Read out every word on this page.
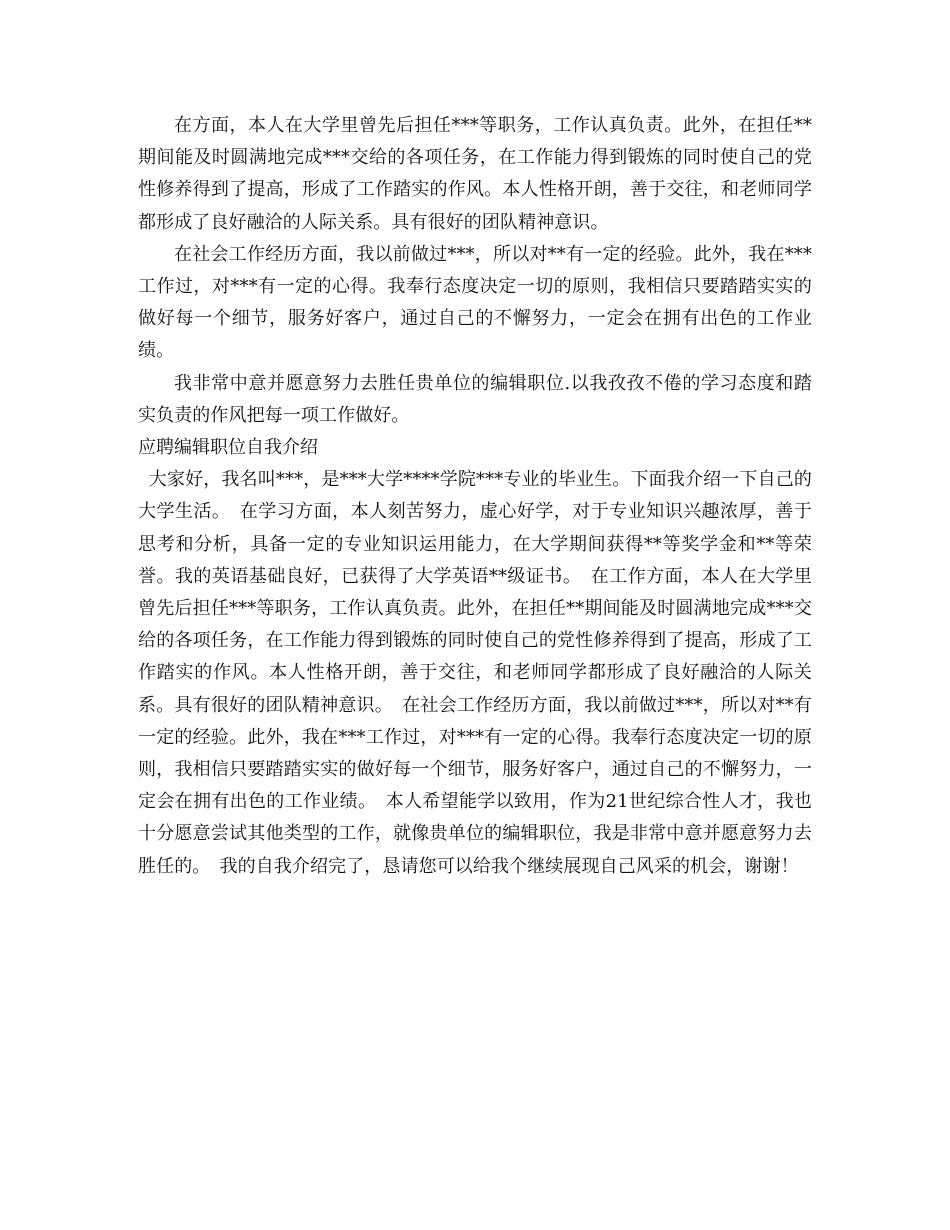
在方面，本人在大学里曾先后担任***等职务，工作认真负责。此外，在担任**期间能及时圆满地完成***交给的各项任务，在工作能力得到锻炼的同时使自己的党性修养得到了提高，形成了工作踏实的作风。本人性格开朗，善于交往，和老师同学都形成了良好融洽的人际关系。具有很好的团队精神意识。

在社会工作经历方面，我以前做过***，所以对**有一定的经验。此外，我在***工作过，对***有一定的心得。我奉行态度决定一切的原则，我相信只要踏踏实实的做好每一个细节，服务好客户，通过自己的不懈努力，一定会在拥有出色的工作业绩。

我非常中意并愿意努力去胜任贵单位的编辑职位.以我孜孜不倦的学习态度和踏实负责的作风把每一项工作做好。

应聘编辑职位自我介绍

大家好，我名叫***，是***大学****学院***专业的毕业生。下面我介绍一下自己的大学生活。　在学习方面，本人刻苦努力，虚心好学，对于专业知识兴趣浓厚，善于思考和分析，具备一定的专业知识运用能力，在大学期间获得**等奖学金和**等荣誉。我的英语基础良好，已获得了大学英语**级证书。　在工作方面，本人在大学里曾先后担任***等职务，工作认真负责。此外，在担任**期间能及时圆满地完成***交给的各项任务，在工作能力得到锻炼的同时使自己的党性修养得到了提高，形成了工作踏实的作风。本人性格开朗，善于交往，和老师同学都形成了良好融洽的人际关系。具有很好的团队精神意识。　在社会工作经历方面，我以前做过***，所以对**有一定的经验。此外，我在***工作过，对***有一定的心得。我奉行态度决定一切的原则，我相信只要踏踏实实的做好每一个细节，服务好客户，通过自己的不懈努力，一定会在拥有出色的工作业绩。　本人希望能学以致用，作为21世纪综合性人才，我也十分愿意尝试其他类型的工作，就像贵单位的编辑职位，我是非常中意并愿意努力去胜任的。　我的自我介绍完了，恳请您可以给我个继续展现自己风采的机会，谢谢！
